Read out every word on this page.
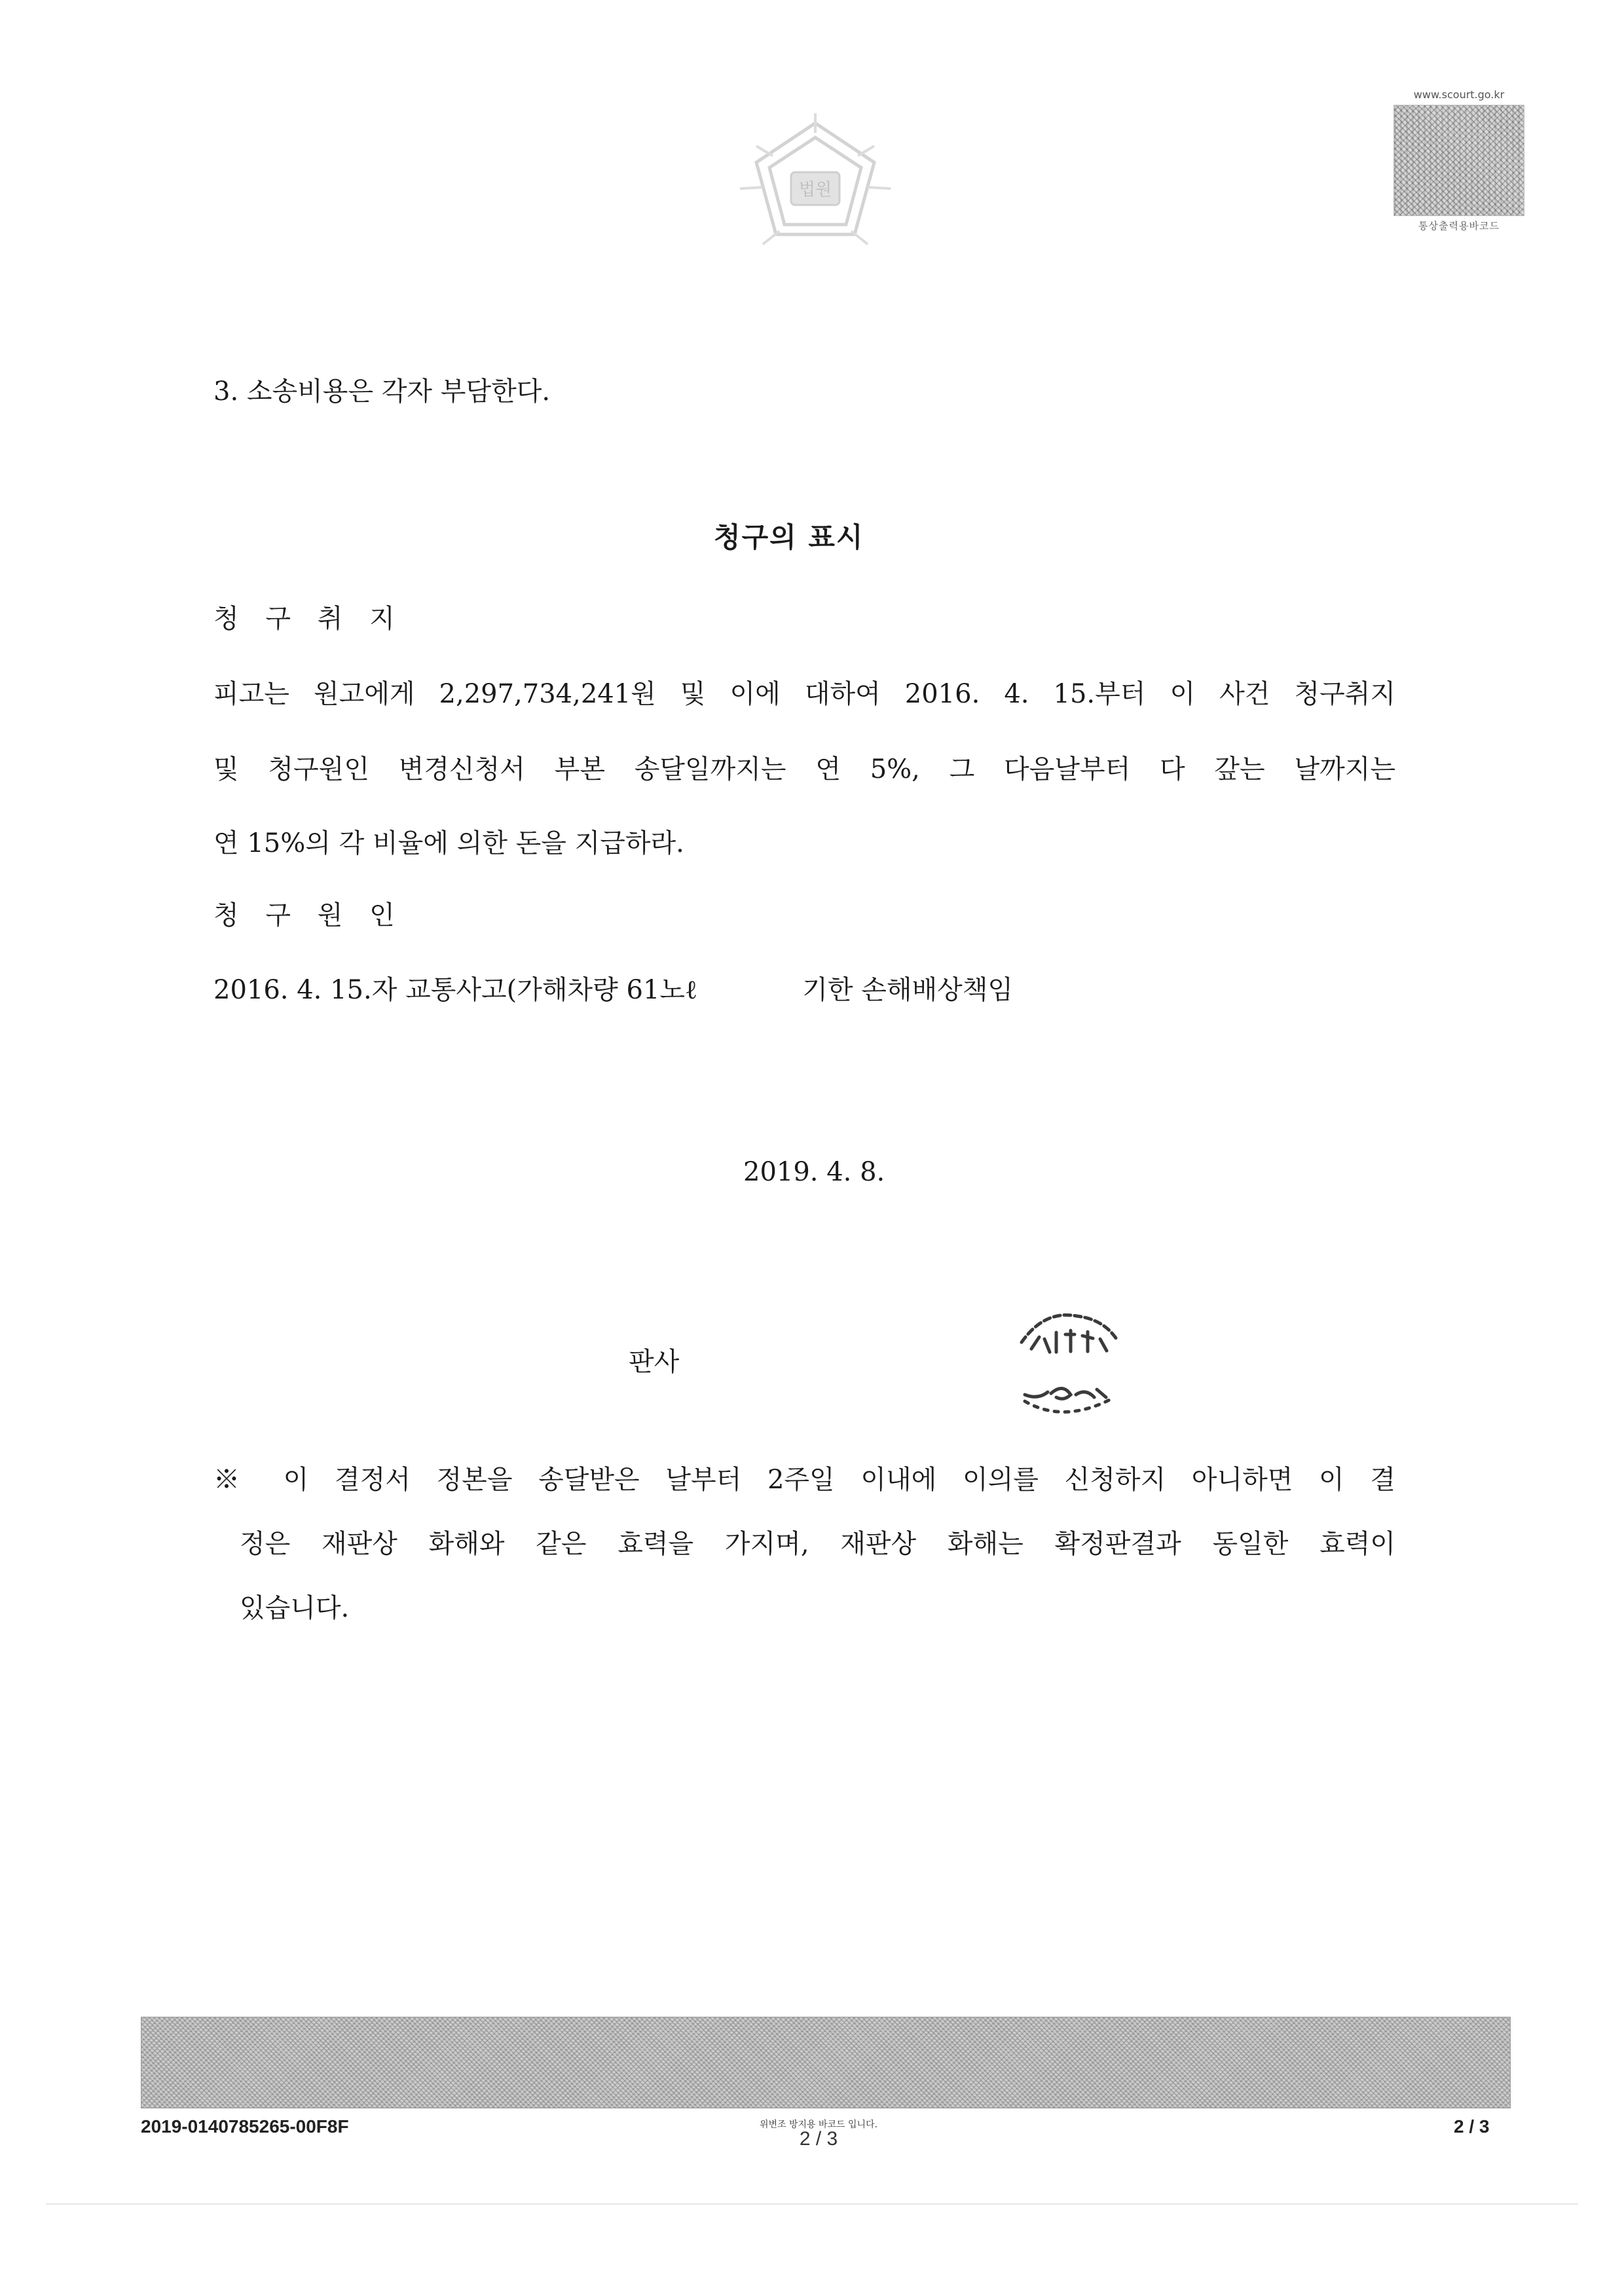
법원
www.scourt.go.kr
통상출력용바코드
3. 소송비용은 각자 부담한다.
청구의 표시
청 구 취 지
피고는 원고에게 2,297,734,241원 및 이에 대하여 2016. 4. 15.부터 이 사건 청구취지
및 청구원인 변경신청서 부본 송달일까지는 연 5%, 그 다음날부터 다 갚는 날까지는
연 15%의 각 비율에 의한 돈을 지급하라.
청 구 원 인
2016. 4. 15.자 교통사고(가해차량 61노ℓ	기한 손해배상책임
2019. 4. 8.
판사
※ 이 결정서 정본을 송달받은 날부터 2주일 이내에 이의를 신청하지 아니하면 이 결
정은 재판상 화해와 같은 효력을 가지며, 재판상 화해는 확정판결과 동일한 효력이
있습니다.
2019-0140785265-00F8F	위변조 방지용 바코드 입니다.
2 / 3
2 / 3
